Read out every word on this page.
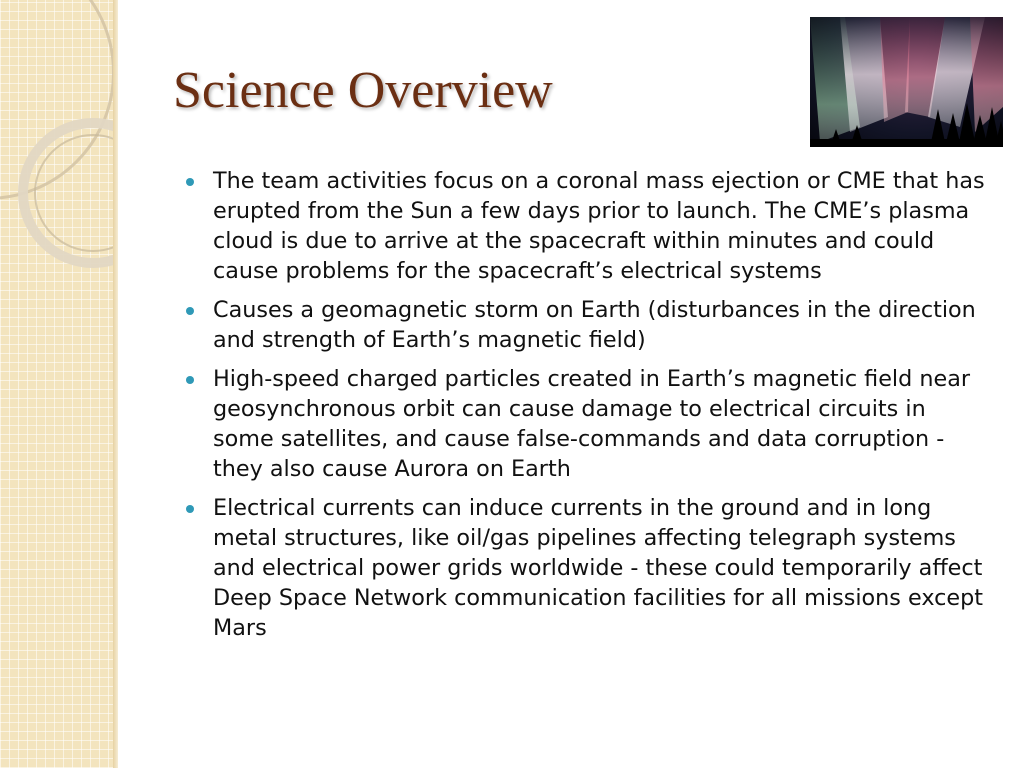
Science Overview
The team activities focus on a coronal mass ejection or CME that has erupted from the Sun a few days prior to launch. The CME’s plasma cloud is due to arrive at the spacecraft within minutes and could cause problems for the spacecraft’s electrical systems
Causes a geomagnetic storm on Earth (disturbances in the direction and strength of Earth’s magnetic field)
High-speed charged particles created in Earth’s magnetic field near geosynchronous orbit can cause damage to electrical circuits in some satellites, and cause false-commands and data corruption - they also cause Aurora on Earth
Electrical currents can induce currents in the ground and in long metal structures, like oil/gas pipelines affecting telegraph systems and electrical power grids worldwide - these could temporarily affect Deep Space Network communication facilities for all missions except Mars
